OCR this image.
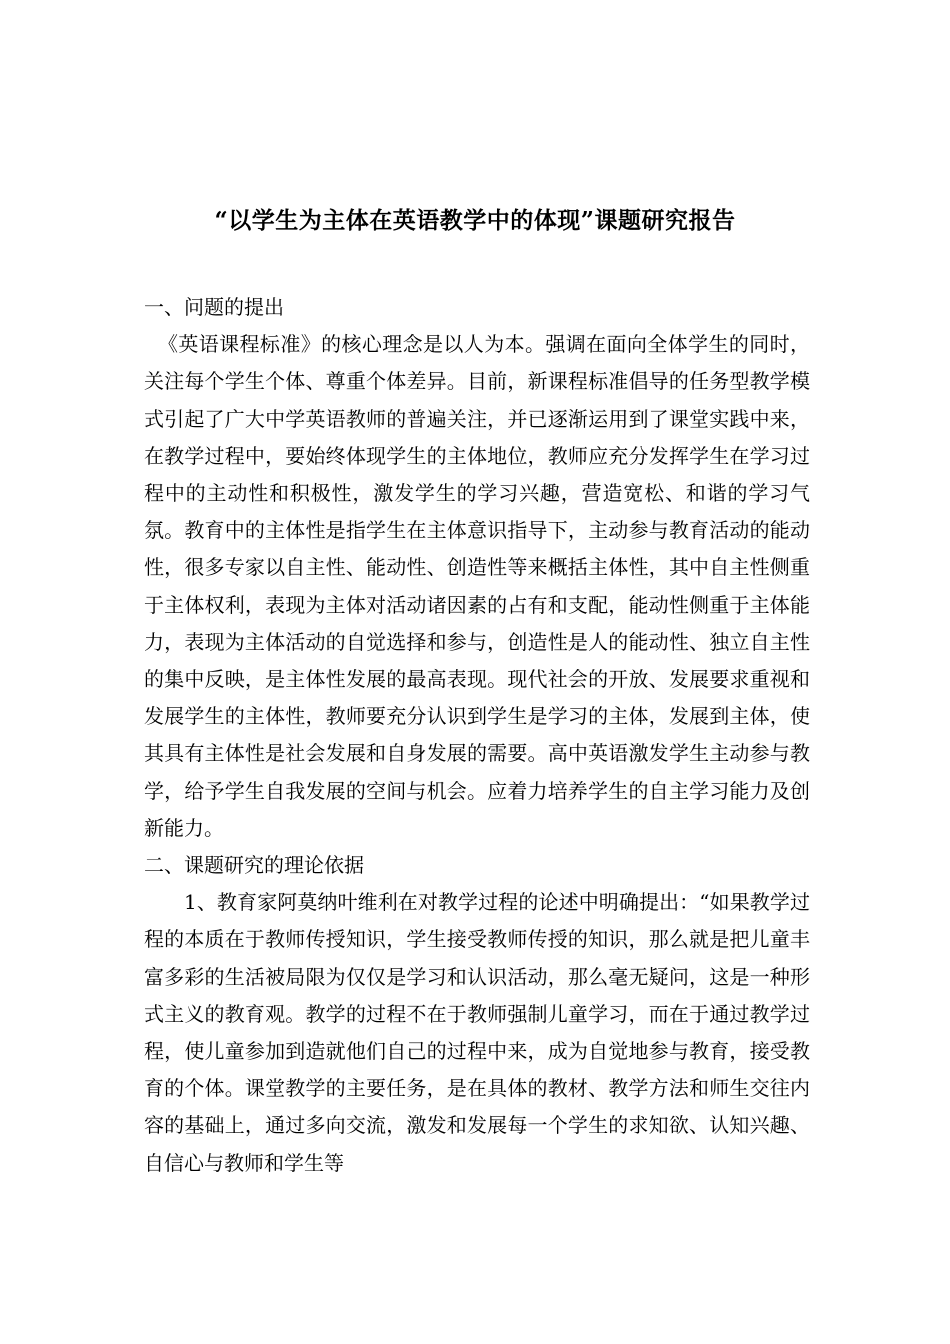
“以学生为主体在英语教学中的体现”课题研究报告

一、问题的提出

《英语课程标准》的核心理念是以人为本。强调在面向全体学生的同时，关注每个学生个体、尊重个体差异。目前，新课程标准倡导的任务型教学模式引起了广大中学英语教师的普遍关注，并已逐渐运用到了课堂实践中来，在教学过程中，要始终体现学生的主体地位，教师应充分发挥学生在学习过程中的主动性和积极性，激发学生的学习兴趣，营造宽松、和谐的学习气氛。教育中的主体性是指学生在主体意识指导下，主动参与教育活动的能动性，很多专家以自主性、能动性、创造性等来概括主体性，其中自主性侧重于主体权利，表现为主体对活动诸因素的占有和支配，能动性侧重于主体能力，表现为主体活动的自觉选择和参与，创造性是人的能动性、独立自主性的集中反映，是主体性发展的最高表现。现代社会的开放、发展要求重视和发展学生的主体性，教师要充分认识到学生是学习的主体，发展到主体，使其具有主体性是社会发展和自身发展的需要。高中英语激发学生主动参与教学，给予学生自我发展的空间与机会。应着力培养学生的自主学习能力及创新能力。

二、课题研究的理论依据

1、教育家阿莫纳叶维利在对教学过程的论述中明确提出：“如果教学过程的本质在于教师传授知识，学生接受教师传授的知识，那么就是把儿童丰富多彩的生活被局限为仅仅是学习和认识活动，那么毫无疑问，这是一种形式主义的教育观。教学的过程不在于教师强制儿童学习，而在于通过教学过程，使儿童参加到造就他们自己的过程中来，成为自觉地参与教育，接受教育的个体。课堂教学的主要任务，是在具体的教材、教学方法和师生交往内容的基础上，通过多向交流，激发和发展每一个学生的求知欲、认知兴趣、自信心与教师和学生等
